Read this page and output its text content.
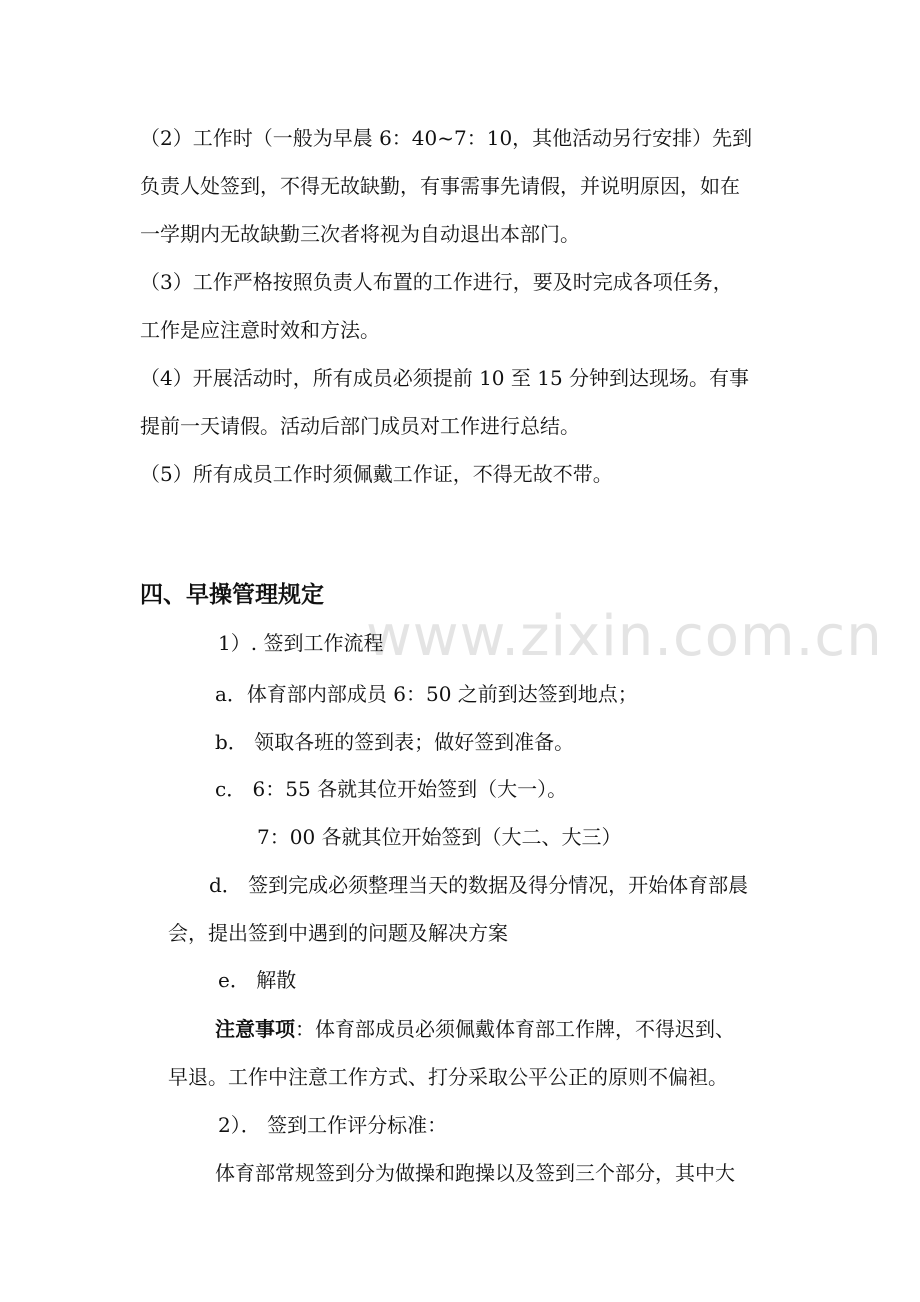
www.zixin.com.cn
（2）工作时（一般为早晨 6：40~7：10，其他活动另行安排）先到
负责人处签到，不得无故缺勤，有事需事先请假，并说明原因，如在
一学期内无故缺勤三次者将视为自动退出本部门。
（3）工作严格按照负责人布置的工作进行，要及时完成各项任务，
工作是应注意时效和方法。
（4）开展活动时，所有成员必须提前 10 至 15 分钟到达现场。有事
提前一天请假。活动后部门成员对工作进行总结。
（5）所有成员工作时须佩戴工作证，不得无故不带。
四、早操管理规定
1）. 签到工作流程
a．体育部内部成员 6：50 之前到达签到地点；
b． 领取各班的签到表；做好签到准备。
c． 6：55 各就其位开始签到（大一）。
7：00 各就其位开始签到（大二、大三）
d． 签到完成必须整理当天的数据及得分情况，开始体育部晨
会，提出签到中遇到的问题及解决方案
e． 解散
注意事项：体育部成员必须佩戴体育部工作牌，不得迟到、
早退。工作中注意工作方式、打分采取公平公正的原则不偏袒。
2）． 签到工作评分标准：
体育部常规签到分为做操和跑操以及签到三个部分，其中大
